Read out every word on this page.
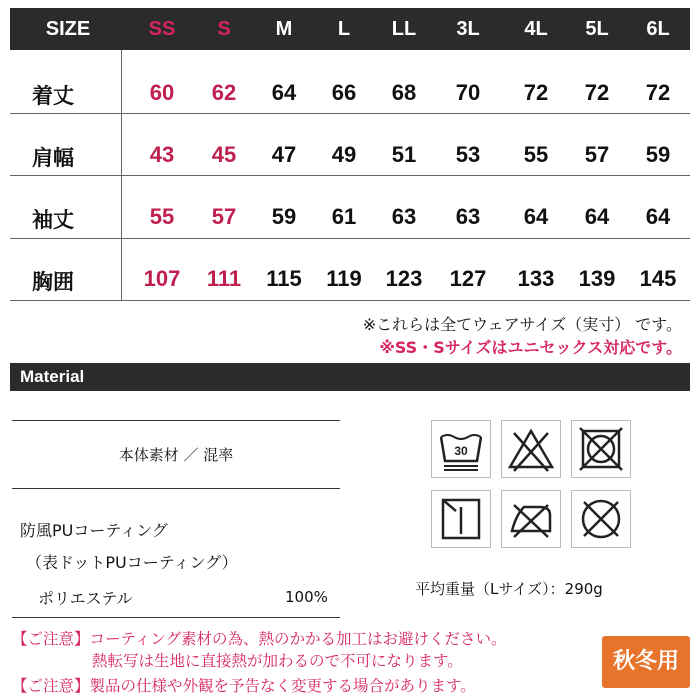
SIZE	SS	S	M	L	LL	3L	4L	5L	6L
着丈	60	62	64	66	68	70	72	72	72
肩幅	43	45	47	49	51	53	55	57	59
袖丈	55	57	59	61	63	63	64	64	64
胸囲	107	111	115	119	123	127	133	139	145
※これらは全てウェアサイズ（実寸） です。
※SS・Sサイズはユニセックス対応です。
Material
本体素材 ／ 混率
防風PUコーティング
（表ドットPUコーティング）
ポリエステル	100%
30
平均重量（Lサイズ）：290g
【ご注意】コーティング素材の為、熱のかかる加工はお避けください。
熱転写は生地に直接熱が加わるので不可になります。
【ご注意】製品の仕様や外観を予告なく変更する場合があります。
秋冬用
